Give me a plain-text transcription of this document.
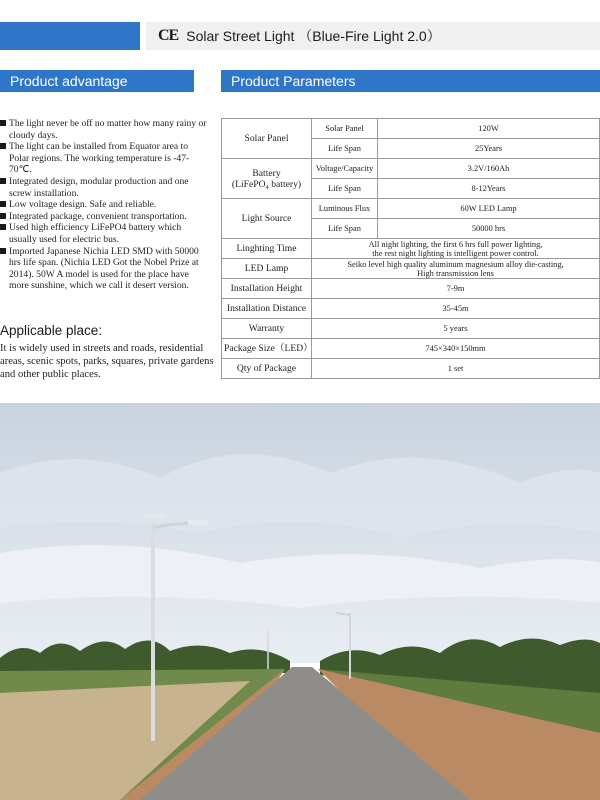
CE Solar Street Light （Blue-Fire Light 2.0）
Product advantage	Product Parameters
The light never be off no matter how many rainy or cloudy days.
The light can be installed from Equator area to Polar regions. The working temperature is -47-70℃.
Integrated design, modular production and one screw installation.
Low voltage design. Safe and reliable.
Integrated package, convenient transportation.
Used high efficiency LiFePO4 battery which usually used for electric bus.
Imported Japanese Nichia LED SMD with 50000 hrs life span. (Nichia LED Got the Nobel Prize at 2014). 50W A model is used for the place have more sunshine, which we call it desert version.
Applicable place:
It is widely used in streets and roads, residential areas, scenic spots, parks, squares, private gardens and other public places.
Solar Panel	Solar Panel	120W
	Life Span	25Years
Battery
(LiFePO₄ battery)	Voltage/Capacity	3.2V/160Ah
	Life Span	8-12Years
Light Source	Luminous Flux	60W LED Lamp
	Life Span	50000 hrs
Linghting Time	All night lighting, the first 6 hrs full power lighting,
the rest night lighting is intelligent power control.	
LED Lamp	Seiko level high quality aluminum magnesium alloy die-casting,
High transmission lens	
Installation Height	7-9m	
Installation Distance	35-45m	
Warranty	5 years	
Package Size（LED）	745×340×150mm	
Qty of Package	1 set	
